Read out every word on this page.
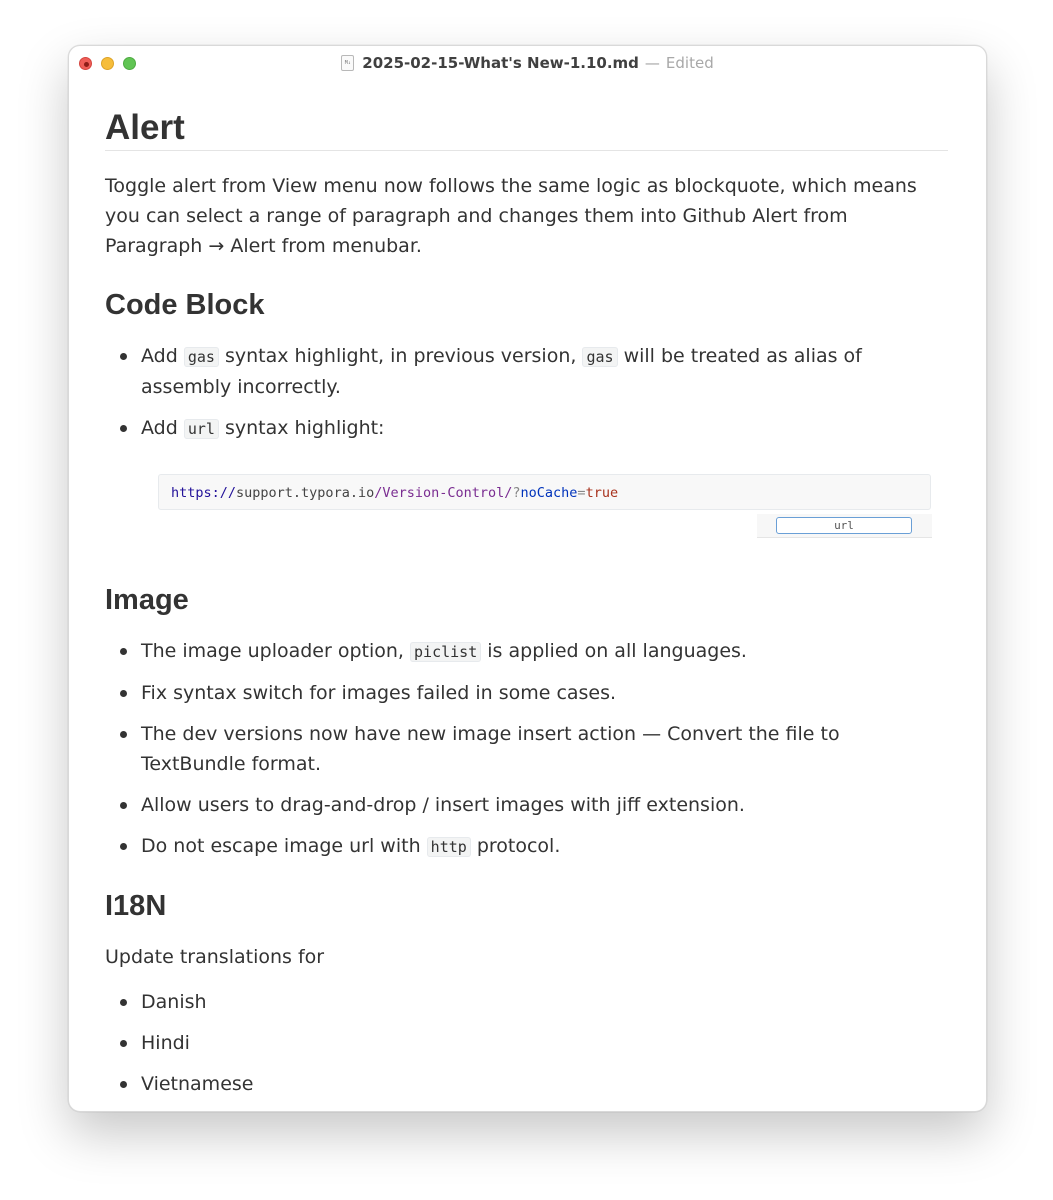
M↓ 2025-02-15-What's New-1.10.md — Edited
Alert

Toggle alert from View menu now follows the same logic as blockquote, which means you can select a range of paragraph and changes them into Github Alert from Paragraph → Alert from menubar.

Code Block
Add gas syntax highlight, in previous version, gas will be treated as alias of assembly incorrectly.
Add url syntax highlight:
https://support.typora.io/Version-Control/?noCache=true
url
Image
The image uploader option, piclist is applied on all languages.
Fix syntax switch for images failed in some cases.
The dev versions now have new image insert action — Convert the file to TextBundle format.
Allow users to drag-and-drop / insert images with jiff extension.
Do not escape image url with http protocol.
I18N

Update translations for

Danish
Hindi
Vietnamese
